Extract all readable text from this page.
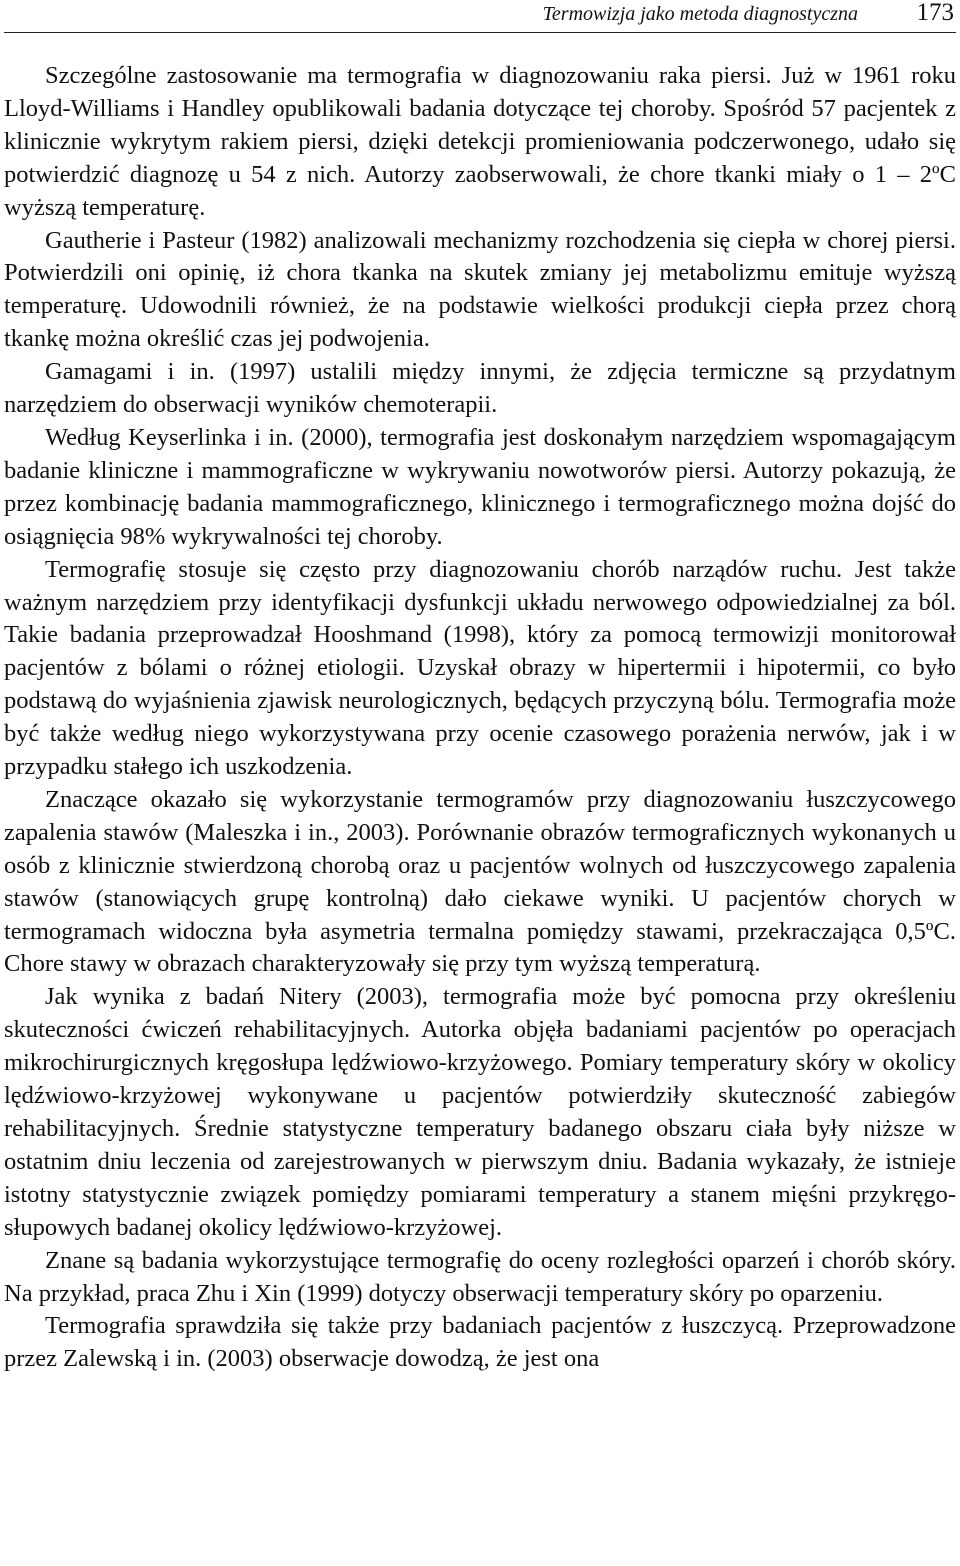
Termowizja jako metoda diagnostyczna 173

Szczególne zastosowanie ma termografia w diagnozowaniu raka piersi. Już w 1961 roku Lloyd-Williams i Handley opublikowali badania dotyczące tej choroby. Spośród 57 pacjentek z klinicznie wykrytym rakiem piersi, dzięki detekcji promieniowania podczerwonego, udało się potwierdzić diagnozę u 54 z nich. Autorzy zaobserwowali, że chore tkanki miały o 1 – 2ºC wyższą temperaturę.

Gautherie i Pasteur (1982) analizowali mechanizmy rozchodzenia się ciepła w chorej piersi. Potwierdzili oni opinię, iż chora tkanka na skutek zmiany jej metabolizmu emituje wyższą temperaturę. Udowodnili również, że na podstawie wielkości produkcji ciepła przez chorą tkankę można określić czas jej podwojenia.

Gamagami i in. (1997) ustalili między innymi, że zdjęcia termiczne są przydatnym narzędziem do obserwacji wyników chemoterapii.

Według Keyserlinka i in. (2000), termografia jest doskonałym narzędziem wspomagającym badanie kliniczne i mammograficzne w wykrywaniu nowotworów piersi. Autorzy pokazują, że przez kombinację badania mammograficznego, klinicznego i termograficznego można dojść do osiągnięcia 98% wykrywalności tej choroby.

Termografię stosuje się często przy diagnozowaniu chorób narządów ruchu. Jest także ważnym narzędziem przy identyfikacji dysfunkcji układu nerwowego odpowiedzialnej za ból. Takie badania przeprowadzał Hooshmand (1998), który za pomocą termowizji monitorował pacjentów z bólami o różnej etiologii. Uzyskał obrazy w hipertermii i hipotermii, co było podstawą do wyjaśnienia zjawisk neurologicznych, będących przyczyną bólu. Termografia może być także według niego wykorzystywana przy ocenie czasowego porażenia nerwów, jak i w przypadku stałego ich uszkodzenia.

Znaczące okazało się wykorzystanie termogramów przy diagnozowaniu łuszczycowego zapalenia stawów (Maleszka i in., 2003). Porównanie obrazów termograficznych wykonanych u osób z klinicznie stwierdzoną chorobą oraz u pacjentów wolnych od łuszczycowego zapalenia stawów (stanowiących grupę kontrolną) dało ciekawe wyniki. U pacjentów chorych w termogramach widoczna była asymetria termalna pomiędzy stawami, przekraczająca 0,5ºC. Chore stawy w obrazach charakteryzowały się przy tym wyższą temperaturą.

Jak wynika z badań Nitery (2003), termografia może być pomocna przy określeniu skuteczności ćwiczeń rehabilitacyjnych. Autorka objęła badaniami pacjentów po operacjach mikrochirurgicznych kręgosłupa lędźwiowo-krzyżowego. Pomiary temperatury skóry w okolicy lędźwiowo-krzyżowej wykonywane u pacjentów potwierdziły skuteczność zabiegów rehabilitacyjnych. Średnie statystyczne temperatury badanego obszaru ciała były niższe w ostatnim dniu leczenia od zarejestrowanych w pierwszym dniu. Badania wykazały, że istnieje istotny statystycznie związek pomiędzy pomiarami temperatury a stanem mięśni przykręgosłupowych badanej okolicy lędźwiowo-krzyżowej.

Znane są badania wykorzystujące termografię do oceny rozległości oparzeń i chorób skóry. Na przykład, praca Zhu i Xin (1999) dotyczy obserwacji temperatury skóry po oparzeniu.

Termografia sprawdziła się także przy badaniach pacjentów z łuszczycą. Przeprowadzone przez Zalewską i in. (2003) obserwacje dowodzą, że jest ona
